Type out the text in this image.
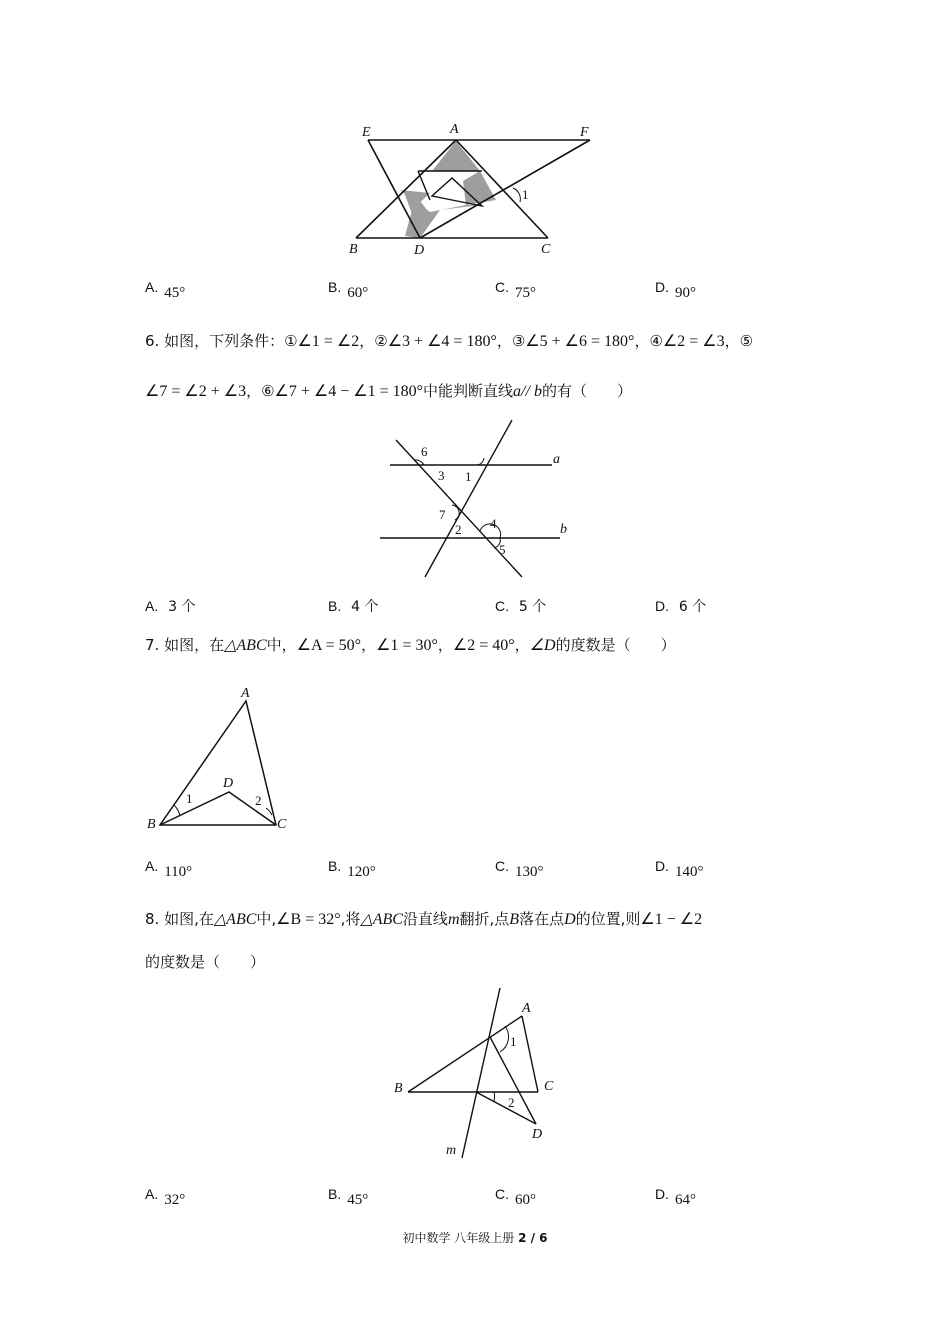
E	A	F
B	D	C
1
A. 45°	B. 60°	C. 75°	D. 90°
6. 如图，下列条件：①∠1 = ∠2，②∠3 + ∠4 = 180°，③∠5 + ∠6 = 180°，④∠2 = ∠3，⑤
∠7 = ∠2 + ∠3，⑥∠7 + ∠4 − ∠1 = 180°中能判断直线a// b的有（　　）
a
b
6
3 1
7
2 4
5
A. 3 个	B. 4 个	C. 5 个	D. 6 个
7. 如图，在△ABC中，∠A = 50°，∠1 = 30°，∠2 = 40°，∠D的度数是（　　）
A
B	C
D
1	2
A. 110°	B. 120°	C. 130°	D. 140°
8. 如图,在△ABC中,∠B = 32°,将△ABC沿直线m翻折,点B落在点D的位置,则∠1 − ∠2
的度数是（　　）
A
B	C
D
m
1
2
A. 32°	B. 45°	C. 60°	D. 64°
初中数学 八年级上册 2 / 6
